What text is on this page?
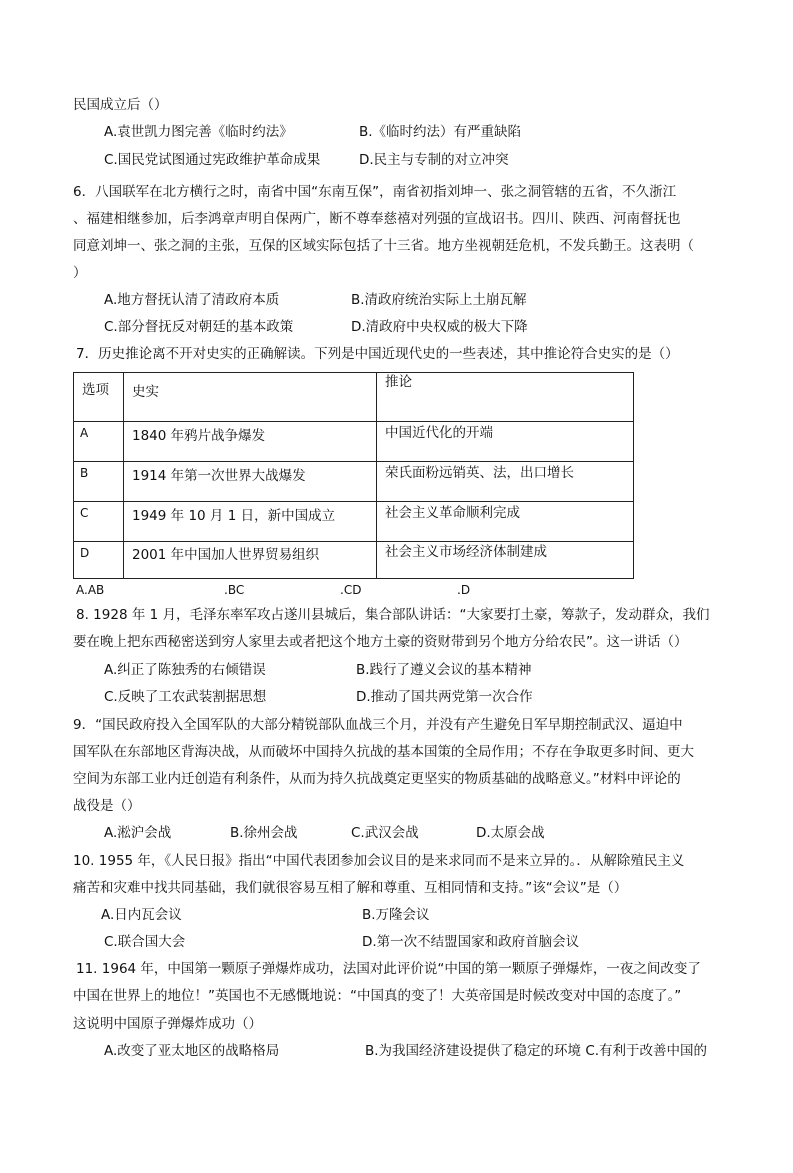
民国成立后（）
A.袁世凯力图完善《临时约法》	B.《临时约法）有严重缺陷
C.国民党试图通过宪政维护革命成果	D.民主与专制的对立冲突
6．八国联军在北方横行之时，南省中国“东南互保”，南省初指刘坤一、张之洞管辖的五省，不久浙江
、福建相继参加，后李鸿章声明自保两广，断不尊奉慈禧对列强的宣战诏书。四川、陕西、河南督抚也
同意刘坤一、张之洞的主张，互保的区域实际包括了十三省。地方坐视朝廷危机，不发兵勤王。这表明（
）
A.地方督抚认清了清政府本质	B.清政府统治实际上土崩瓦解
C.部分督抚反对朝廷的基本政策	D.清政府中央权威的极大下降
7．历史推论离不开对史实的正确解读。下列是中国近现代史的一些表述，其中推论符合史实的是（）
选项	史实	推论

A	1840 年鸦片战争爆发	中国近代化的开端

B	1914 年第一次世界大战爆发	荣氏面粉远销英、法，出口增长

C	1949 年 10 月 1 日，新中国成立	社会主义革命顺利完成

D	2001 年中国加人世界贸易组织	社会主义市场经济体制建成
A.AB	.BC	.CD	.D
8. 1928 年 1 月，毛泽东率军攻占遂川县城后，集合部队讲话：“大家要打土豪，筹款子，发动群众，我们
要在晚上把东西秘密送到穷人家里去或者把这个地方土豪的资财带到另个地方分给农民”。这一讲话（）
A.纠正了陈独秀的右倾错误	B.践行了遵义会议的基本精神
C.反映了工农武装割据思想	D.推动了国共两党第一次合作
9．“国民政府投入全国军队的大部分精锐部队血战三个月，并没有产生避免日军早期控制武汉、逼迫中
国军队在东部地区背海决战，从而破坏中国持久抗战的基本国策的全局作用；不存在争取更多时间、更大
空间为东部工业内迁创造有利条件，从而为持久抗战奠定更坚实的物质基础的战略意义。”材料中评论的
战役是（）
A.淞沪会战	B.徐州会战	C.武汉会战	D.太原会战
10. 1955 年，《人民日报》指出“中国代表团参加会议目的是来求同而不是来立异的。．从解除殖民主义
痛苦和灾难中找共同基础，我们就很容易互相了解和尊重、互相同情和支持。”该“会议”是（）
A.日内瓦会议	B.万隆会议
C.联合国大会	D.第一次不结盟国家和政府首脑会议
11. 1964 年，中国第一颗原子弹爆炸成功，法国对此评价说“中国的第一颗原子弹爆炸，一夜之间改变了
中国在世界上的地位！”英国也不无感慨地说：“中国真的变了！大英帝国是时候改变对中国的态度了。”
这说明中国原子弹爆炸成功（）
A.改变了亚太地区的战略格局	B.为我国经济建设提供了稳定的环境 C.有利于改善中国的
